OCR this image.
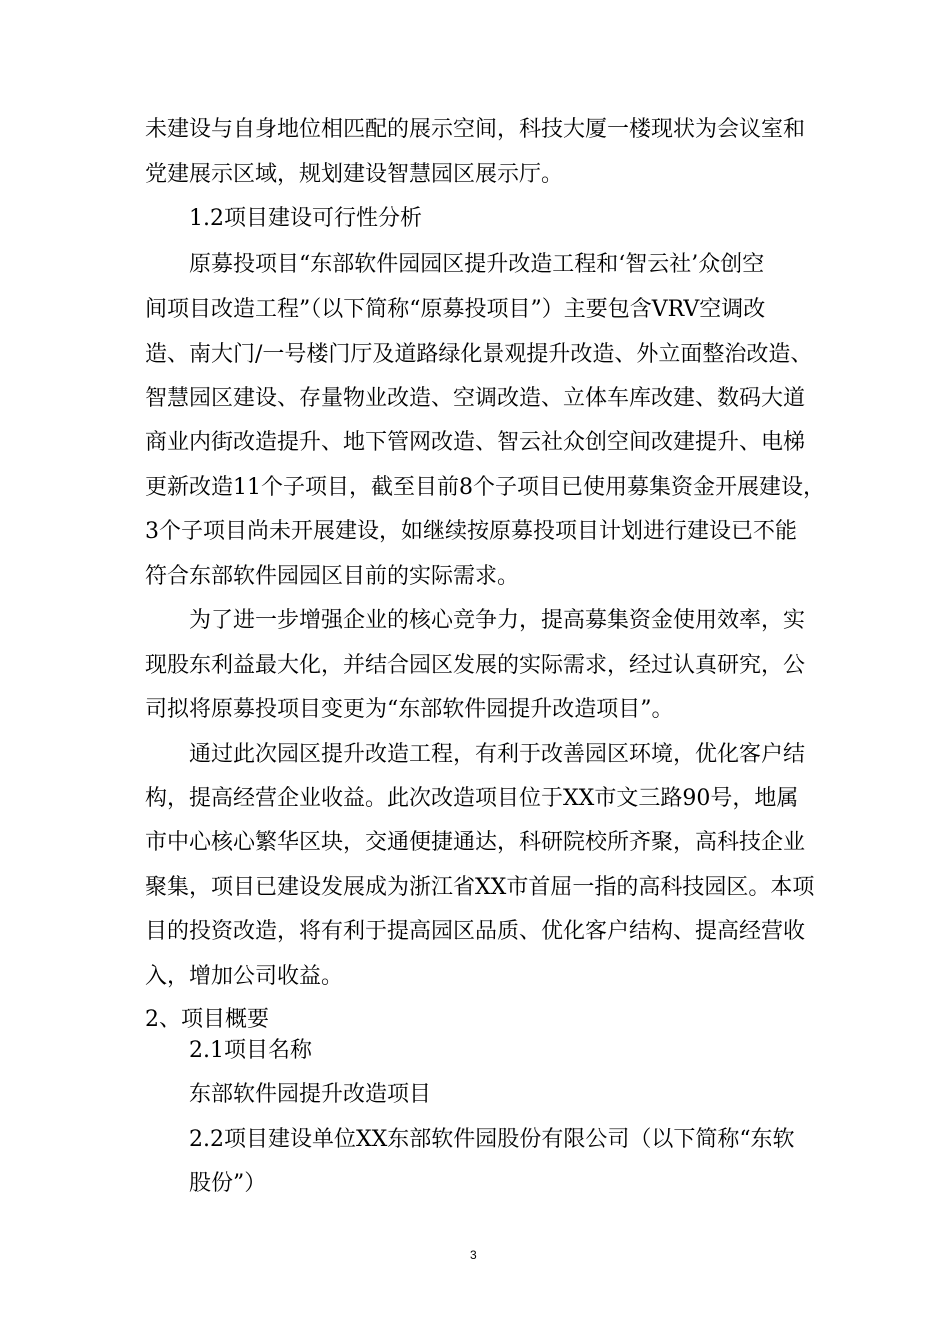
未建设与自身地位相匹配的展示空间，科技大厦一楼现状为会议室和
党建展示区域，规划建设智慧园区展示厅。
1.2项目建设可行性分析
原募投项目“东部软件园园区提升改造工程和‘智云社’众创空
间项目改造工程”（以下简称“原募投项目”）主要包含VRV空调改
造、南大门/一号楼门厅及道路绿化景观提升改造、外立面整治改造、
智慧园区建设、存量物业改造、空调改造、立体车库改建、数码大道
商业内街改造提升、地下管网改造、智云社众创空间改建提升、电梯
更新改造11个子项目，截至目前8个子项目已使用募集资金开展建设，
3个子项目尚未开展建设，如继续按原募投项目计划进行建设已不能
符合东部软件园园区目前的实际需求。
为了进一步增强企业的核心竞争力，提高募集资金使用效率，实
现股东利益最大化，并结合园区发展的实际需求，经过认真研究，公
司拟将原募投项目变更为“东部软件园提升改造项目”。
通过此次园区提升改造工程，有利于改善园区环境，优化客户结
构，提高经营企业收益。此次改造项目位于XX市文三路90号，地属
市中心核心繁华区块，交通便捷通达，科研院校所齐聚，高科技企业
聚集，项目已建设发展成为浙江省XX市首屈一指的高科技园区。本项
目的投资改造，将有利于提高园区品质、优化客户结构、提高经营收
入，增加公司收益。
2、项目概要
2.1项目名称
东部软件园提升改造项目
2.2项目建设单位XX东部软件园股份有限公司（以下简称“东软
股份”）
3
